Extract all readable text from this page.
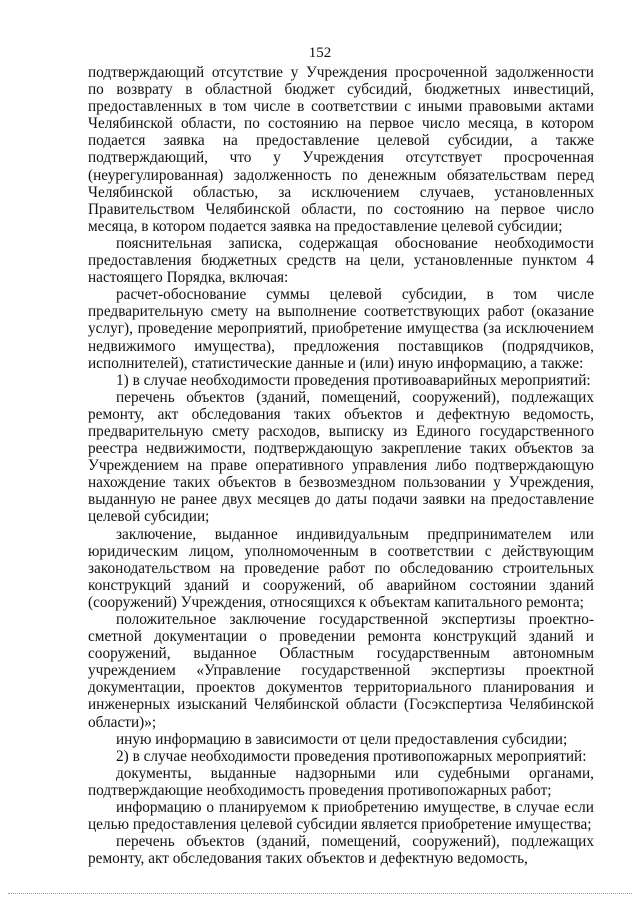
152

подтверждающий отсутствие у Учреждения просроченной задолженности по возврату в областной бюджет субсидий, бюджетных инвестиций, предоставленных в том числе в соответствии с иными правовыми актами Челябинской области, по состоянию на первое число месяца, в котором подается заявка на предоставление целевой субсидии, а также подтверждающий, что у Учреждения отсутствует просроченная (неурегулированная) задолженность по денежным обязательствам перед Челябинской областью, за исключением случаев, установленных Правительством Челябинской области, по состоянию на первое число месяца, в котором подается заявка на предоставление целевой субсидии;

пояснительная записка, содержащая обоснование необходимости предоставления бюджетных средств на цели, установленные пунктом 4 настоящего Порядка, включая:

расчет-обоснование суммы целевой субсидии, в том числе предварительную смету на выполнение соответствующих работ (оказание услуг), проведение мероприятий, приобретение имущества (за исключением недвижимого имущества), предложения поставщиков (подрядчиков, исполнителей), статистические данные и (или) иную информацию, а также:

1) в случае необходимости проведения противоаварийных мероприятий:

перечень объектов (зданий, помещений, сооружений), подлежащих ремонту, акт обследования таких объектов и дефектную ведомость, предварительную смету расходов, выписку из Единого государственного реестра недвижимости, подтверждающую закрепление таких объектов за Учреждением на праве оперативного управления либо подтверждающую нахождение таких объектов в безвозмездном пользовании у Учреждения, выданную не ранее двух месяцев до даты подачи заявки на предоставление целевой субсидии;

заключение, выданное индивидуальным предпринимателем или юридическим лицом, уполномоченным в соответствии с действующим законодательством на проведение работ по обследованию строительных конструкций зданий и сооружений, об аварийном состоянии зданий (сооружений) Учреждения, относящихся к объектам капитального ремонта;

положительное заключение государственной экспертизы проектно-сметной документации о проведении ремонта конструкций зданий и сооружений, выданное Областным государственным автономным учреждением «Управление государственной экспертизы проектной документации, проектов документов территориального планирования и инженерных изысканий Челябинской области (Госэкспертиза Челябинской области)»;

иную информацию в зависимости от цели предоставления субсидии;

2) в случае необходимости проведения противопожарных мероприятий:

документы, выданные надзорными или судебными органами, подтверждающие необходимость проведения противопожарных работ;

информацию о планируемом к приобретению имуществе, в случае если целью предоставления целевой субсидии является приобретение имущества;

перечень объектов (зданий, помещений, сооружений), подлежащих ремонту, акт обследования таких объектов и дефектную ведомость,
